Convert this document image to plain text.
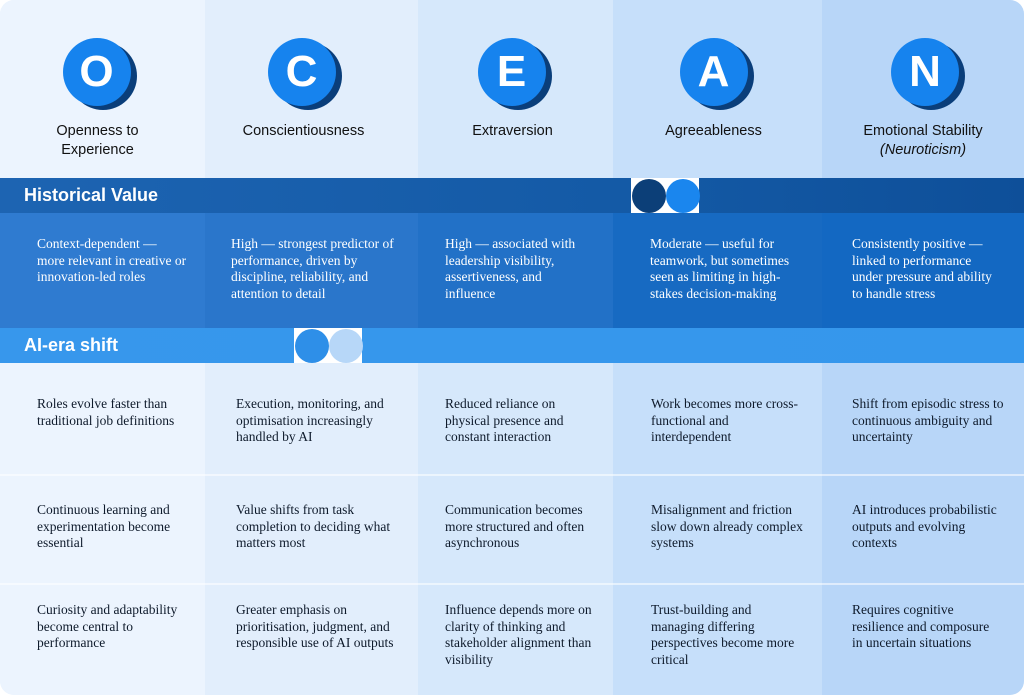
O
Openness to
Experience
C
Conscientiousness
E
Extraversion
A
Agreeableness
N
Emotional Stability
(Neuroticism)
Historical Value
Context-dependent — more relevant in creative or innovation-led roles
High — strongest predictor of performance, driven by discipline, reliability, and attention to detail
High — associated with leadership visibility, assertiveness, and influence
Moderate — useful for teamwork, but sometimes seen as limiting in high-stakes decision-making
Consistently positive — linked to performance under pressure and ability to handle stress
AI-era shift
Roles evolve faster than traditional job definitions
Execution, monitoring, and optimisation increasingly handled by AI
Reduced reliance on physical presence and constant interaction
Work becomes more cross-functional and interdependent
Shift from episodic stress to continuous ambiguity and uncertainty
Continuous learning and experimentation become essential
Value shifts from task completion to deciding what matters most
Communication becomes more structured and often asynchronous
Misalignment and friction slow down already complex systems
AI introduces probabilistic outputs and evolving contexts
Curiosity and adaptability become central to performance
Greater emphasis on prioritisation, judgment, and responsible use of AI outputs
Influence depends more on clarity of thinking and stakeholder alignment than visibility
Trust-building and managing differing perspectives become more critical
Requires cognitive resilience and composure in uncertain situations
